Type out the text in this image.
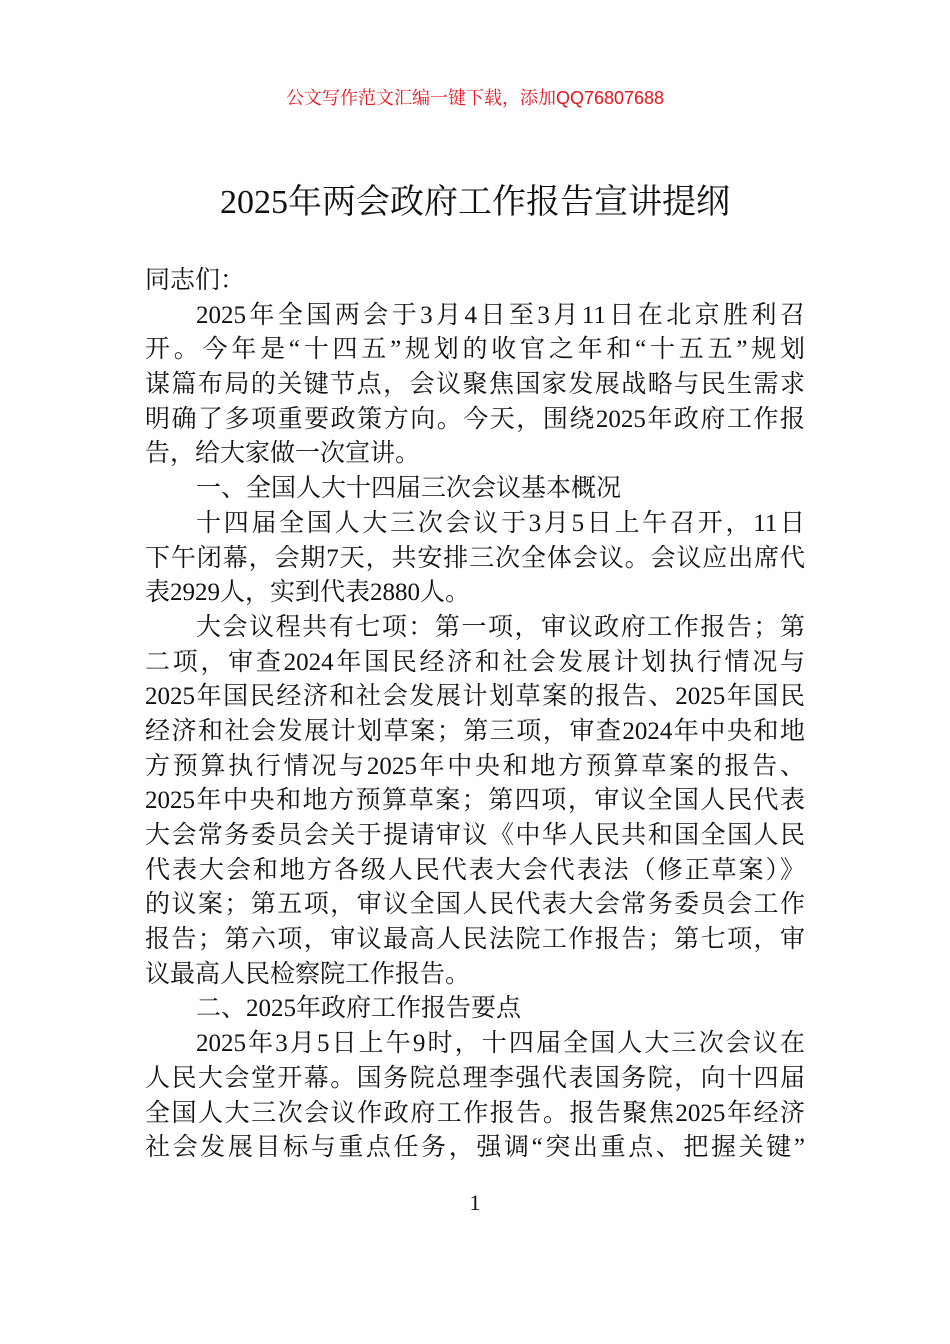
公文写作范文汇编一键下载，添加QQ76807688
2025年两会政府工作报告宣讲提纲
同志们：
2025年全国两会于3月4日至3月11日在北京胜利召
开。今年是“十四五”规划的收官之年和“十五五”规划
谋篇布局的关键节点，会议聚焦国家发展战略与民生需求
明确了多项重要政策方向。今天，围绕2025年政府工作报
告，给大家做一次宣讲。
一、全国人大十四届三次会议基本概况
十四届全国人大三次会议于3月5日上午召开，11日
下午闭幕，会期7天，共安排三次全体会议。会议应出席代
表2929人，实到代表2880人。
大会议程共有七项：第一项，审议政府工作报告；第
二项，审查2024年国民经济和社会发展计划执行情况与
2025年国民经济和社会发展计划草案的报告、2025年国民
经济和社会发展计划草案；第三项，审查2024年中央和地
方预算执行情况与2025年中央和地方预算草案的报告、
2025年中央和地方预算草案；第四项，审议全国人民代表
大会常务委员会关于提请审议《中华人民共和国全国人民
代表大会和地方各级人民代表大会代表法（修正草案）》
的议案；第五项，审议全国人民代表大会常务委员会工作
报告；第六项，审议最高人民法院工作报告；第七项，审
议最高人民检察院工作报告。
二、2025年政府工作报告要点
2025年3月5日上午9时，十四届全国人大三次会议在
人民大会堂开幕。国务院总理李强代表国务院，向十四届
全国人大三次会议作政府工作报告。报告聚焦2025年经济
社会发展目标与重点任务，强调“突出重点、把握关键”
1
